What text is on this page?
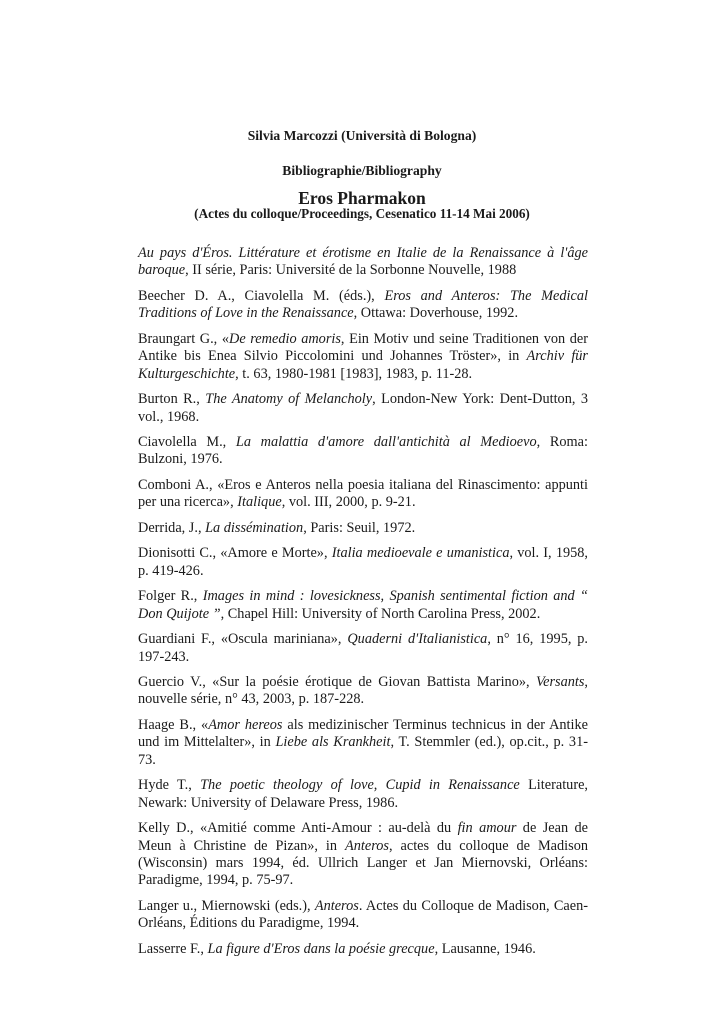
Silvia Marcozzi (Università di Bologna)
Bibliographie/Bibliography
Eros Pharmakon
(Actes du colloque/Proceedings, Cesenatico 11-14 Mai 2006)
Au pays d'Éros. Littérature et érotisme en Italie de la Renaissance à l'âge baroque, II série, Paris: Université de la Sorbonne Nouvelle, 1988
Beecher D. A., Ciavolella M. (éds.), Eros and Anteros: The Medical Traditions of Love in the Renaissance, Ottawa: Doverhouse, 1992.
Braungart G., «De remedio amoris, Ein Motiv und seine Traditionen von der Antike bis Enea Silvio Piccolomini und Johannes Tröster», in Archiv für Kulturgeschichte, t. 63, 1980-1981 [1983], 1983, p. 11-28.
Burton R., The Anatomy of Melancholy, London-New York: Dent-Dutton, 3 vol., 1968.
Ciavolella M., La malattia d'amore dall'antichità al Medioevo, Roma: Bulzoni, 1976.
Comboni A., «Eros e Anteros nella poesia italiana del Rinascimento: appunti per una ricerca», Italique, vol. III, 2000, p. 9-21.
Derrida, J., La dissémination, Paris: Seuil, 1972.
Dionisotti C., «Amore e Morte», Italia medioevale e umanistica, vol. I, 1958, p. 419-426.
Folger R., Images in mind : lovesickness, Spanish sentimental fiction and “ Don Quijote ”, Chapel Hill: University of North Carolina Press, 2002.
Guardiani F., «Oscula mariniana», Quaderni d'Italianistica, n° 16, 1995, p. 197-243.
Guercio V., «Sur la poésie érotique de Giovan Battista Marino», Versants, nouvelle série, n° 43, 2003, p. 187-228.
Haage B., «Amor hereos als medizinischer Terminus technicus in der Antike und im Mittelalter», in Liebe als Krankheit, T. Stemmler (ed.), op.cit., p. 31-73.
Hyde T., The poetic theology of love, Cupid in Renaissance Literature, Newark: University of Delaware Press, 1986.
Kelly D., «Amitié comme Anti-Amour : au-delà du fin amour de Jean de Meun à Christine de Pizan», in Anteros, actes du colloque de Madison (Wisconsin) mars 1994, éd. Ullrich Langer et Jan Miernovski, Orléans: Paradigme, 1994, p. 75-97.
Langer u., Miernowski (eds.), Anteros. Actes du Colloque de Madison, Caen-Orléans, Éditions du Paradigme, 1994.
Lasserre F., La figure d'Eros dans la poésie grecque, Lausanne, 1946.
